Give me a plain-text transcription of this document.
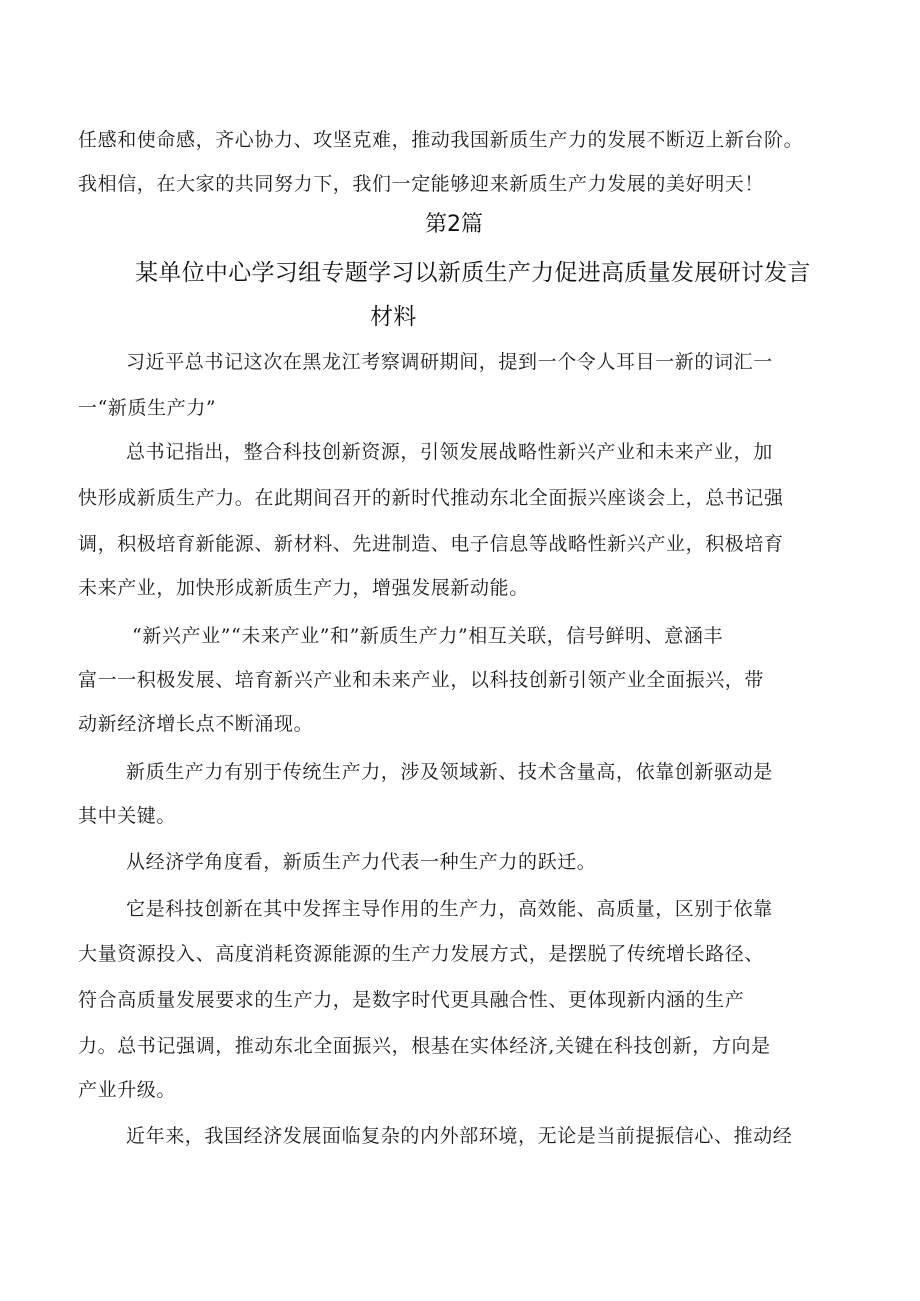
任感和使命感，齐心协力、攻坚克难，推动我国新质生产力的发展不断迈上新台阶。
我相信，在大家的共同努力下，我们一定能够迎来新质生产力发展的美好明天！
第2篇
某单位中心学习组专题学习以新质生产力促进高质量发展研讨发言
材料
习近平总书记这次在黑龙江考察调研期间，提到一个令人耳目一新的词汇一
一“新质生产力”
总书记指出，整合科技创新资源，引领发展战略性新兴产业和未来产业，加
快形成新质生产力。在此期间召开的新时代推动东北全面振兴座谈会上，总书记强
调，积极培育新能源、新材料、先进制造、电子信息等战略性新兴产业，积极培育
未来产业，加快形成新质生产力，增强发展新动能。
“新兴产业”“未来产业”和”新质生产力”相互关联，信号鲜明、意涵丰
富一一积极发展、培育新兴产业和未来产业，以科技创新引领产业全面振兴，带
动新经济增长点不断涌现。
新质生产力有别于传统生产力，涉及领域新、技术含量高，依靠创新驱动是
其中关键。
从经济学角度看，新质生产力代表一种生产力的跃迁。
它是科技创新在其中发挥主导作用的生产力，高效能、高质量，区别于依靠
大量资源投入、高度消耗资源能源的生产力发展方式，是摆脱了传统增长路径、
符合高质量发展要求的生产力，是数字时代更具融合性、更体现新内涵的生产
力。总书记强调，推动东北全面振兴，根基在实体经济,关键在科技创新，方向是
产业升级。
近年来，我国经济发展面临复杂的内外部环境，无论是当前提振信心、推动经
